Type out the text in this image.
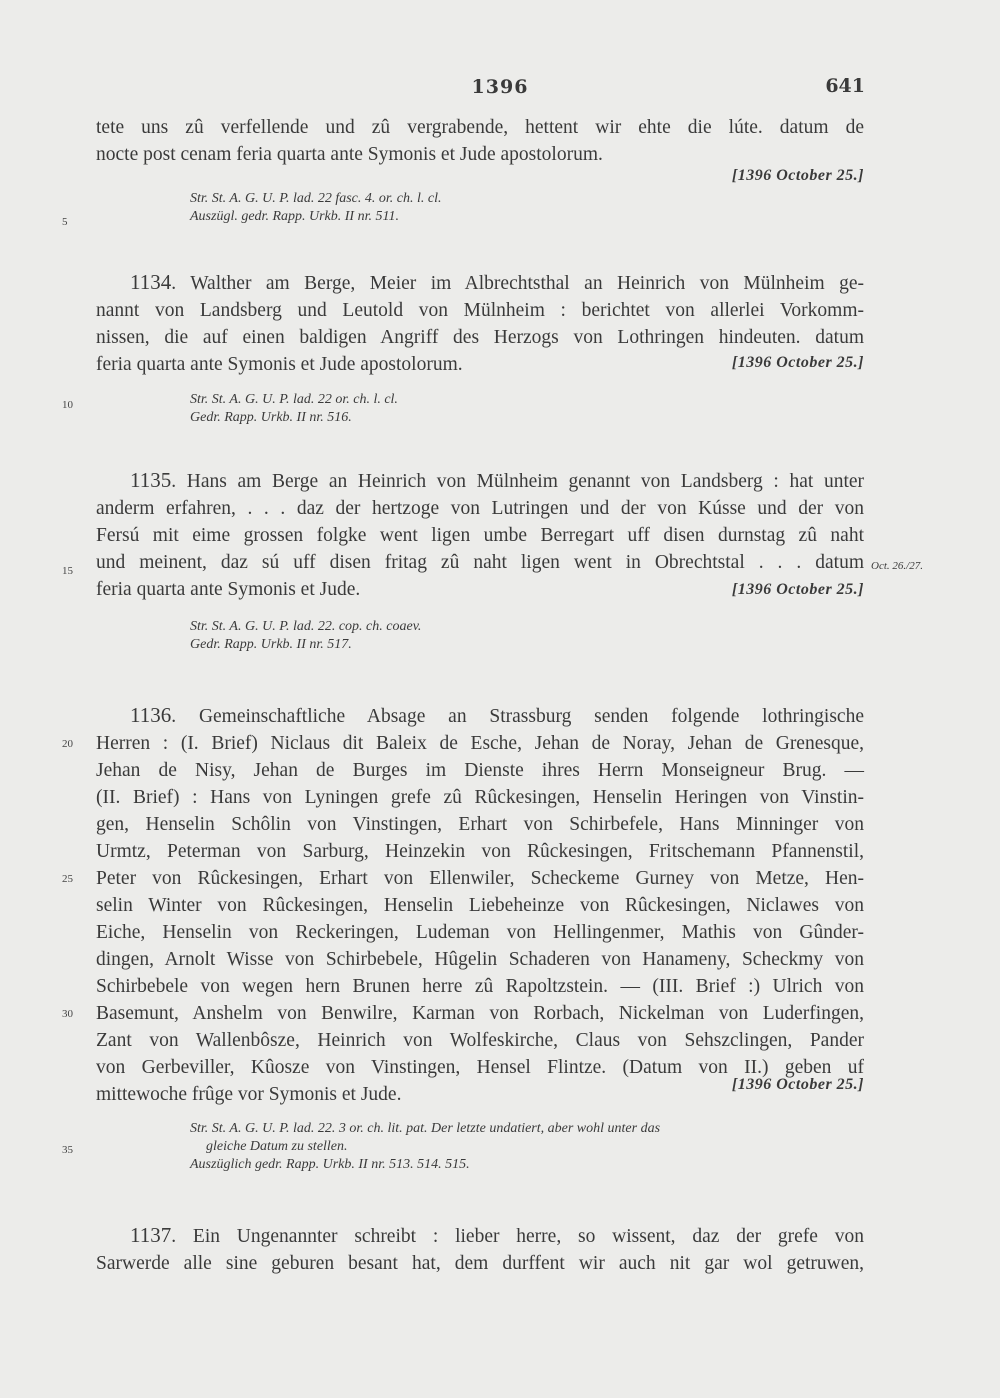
1396	641
tete uns zû verfellende und zû vergrabende, hettent wir ehte die lúte. datum de
nocte post cenam feria quarta ante Symonis et Jude apostolorum.
[1396 October 25.]
Str. St. A. G. U. P. lad. 22 fasc. 4. or. ch. l. cl.
Auszügl. gedr. Rapp. Urkb. II nr. 511.
5
1134. Walther am Berge, Meier im Albrechtsthal an Heinrich von Mülnheim ge-
nannt von Landsberg und Leutold von Mülnheim : berichtet von allerlei Vorkomm-
nissen, die auf einen baldigen Angriff des Herzogs von Lothringen hindeuten. datum
feria quarta ante Symonis et Jude apostolorum.	[1396 October 25.]
Str. St. A. G. U. P. lad. 22 or. ch. l. cl.
Gedr. Rapp. Urkb. II nr. 516.
10
1135. Hans am Berge an Heinrich von Mülnheim genannt von Landsberg : hat unter
anderm erfahren, . . . daz der hertzoge von Lutringen und der von Kússe und der von
Fersú mit eime grossen folgke went ligen umbe Berregart uff disen durnstag zû naht
und meinent, daz sú uff disen fritag zû naht ligen went in Obrechtstal . . . datum
feria quarta ante Symonis et Jude.
Oct. 26./27.
15
[1396 October 25.]
Str. St. A. G. U. P. lad. 22. cop. ch. coaev.
Gedr. Rapp. Urkb. II nr. 517.
1136. Gemeinschaftliche Absage an Strassburg senden folgende lothringische
Herren : (I. Brief) Niclaus dit Baleix de Esche, Jehan de Noray, Jehan de Grenesque,
Jehan de Nisy, Jehan de Burges im Dienste ihres Herrn Monseigneur Brug. —
(II. Brief) : Hans von Lyningen grefe zû Rûckesingen, Henselin Heringen von Vinstin-
gen, Henselin Schôlin von Vinstingen, Erhart von Schirbefele, Hans Minninger von
Urmtz, Peterman von Sarburg, Heinzekin von Rûckesingen, Fritschemann Pfannenstil,
Peter von Rûckesingen, Erhart von Ellenwiler, Scheckeme Gurney von Metze, Hen-
selin Winter von Rûckesingen, Henselin Liebeheinze von Rûckesingen, Niclawes von
Eiche, Henselin von Reckeringen, Ludeman von Hellingenmer, Mathis von Gûnder-
dingen, Arnolt Wisse von Schirbebele, Hûgelin Schaderen von Hanameny, Scheckmy von
Schirbebele von wegen hern Brunen herre zû Rapoltzstein. — (III. Brief :) Ulrich von
Basemunt, Anshelm von Benwilre, Karman von Rorbach, Nickelman von Luderfingen,
Zant von Wallenbôsze, Heinrich von Wolfeskirche, Claus von Sehszclingen, Pander
von Gerbeviller, Kûosze von Vinstingen, Hensel Flintze. (Datum von II.) geben uf
mittewoche frûge vor Symonis et Jude.
20
25
30
[1396 October 25.]
Str. St. A. G. U. P. lad. 22. 3 or. ch. lit. pat. Der letzte undatiert, aber wohl unter das
gleiche Datum zu stellen.
Auszüglich gedr. Rapp. Urkb. II nr. 513. 514. 515.
35
1137. Ein Ungenannter schreibt : lieber herre, so wissent, daz der grefe von
Sarwerde alle sine geburen besant hat, dem durffent wir auch nit gar wol getruwen,
